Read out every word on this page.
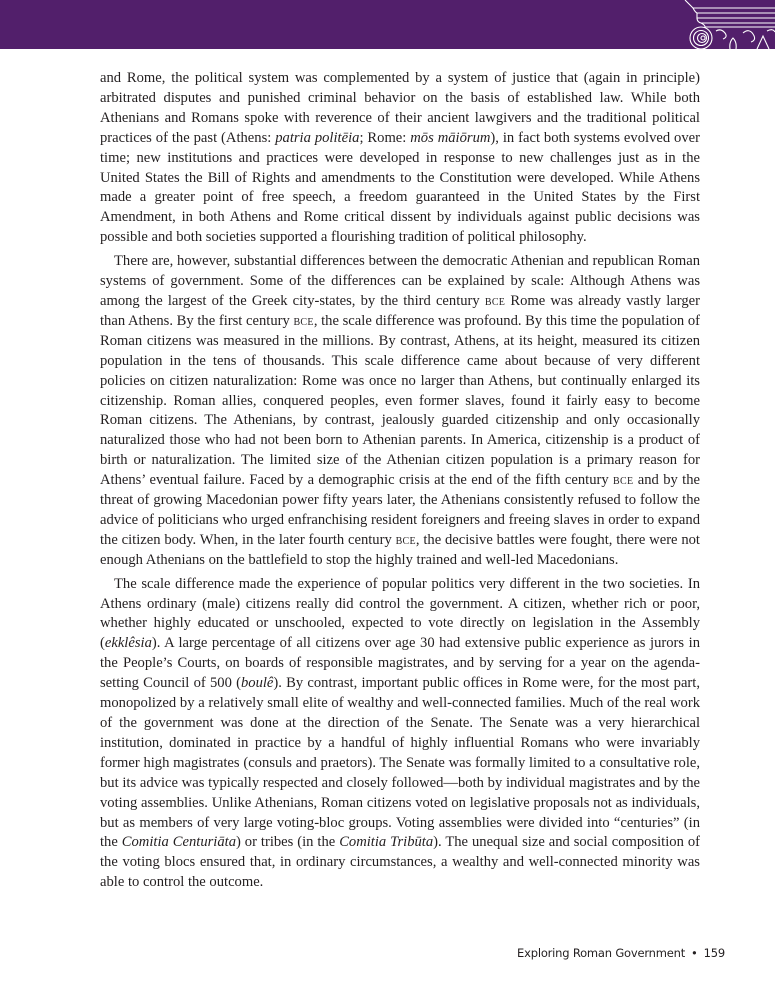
and Rome, the political system was complemented by a system of justice that (again in principle) arbitrated disputes and punished criminal behavior on the basis of established law. While both Athenians and Romans spoke with reverence of their ancient lawgivers and the traditional political practices of the past (Athens: patria politēia; Rome: mōs māiōrum), in fact both systems evolved over time; new institutions and practices were developed in response to new challenges just as in the United States the Bill of Rights and amendments to the Constitution were developed. While Athens made a greater point of free speech, a freedom guaranteed in the United States by the First Amendment, in both Athens and Rome critical dissent by individuals against public decisions was possible and both societies supported a flourishing tradition of political philosophy.

There are, however, substantial differences between the democratic Athenian and republican Roman systems of government. Some of the differences can be explained by scale: Although Athens was among the largest of the Greek city-states, by the third century bce Rome was already vastly larger than Athens. By the first century bce, the scale difference was profound. By this time the population of Roman citizens was measured in the millions. By contrast, Athens, at its height, measured its citizen population in the tens of thousands. This scale difference came about because of very different policies on citizen naturalization: Rome was once no larger than Athens, but continually enlarged its citizenship. Roman allies, conquered peoples, even former slaves, found it fairly easy to become Roman citizens. The Athenians, by contrast, jealously guarded citizenship and only occasionally naturalized those who had not been born to Athenian parents. In America, citizenship is a product of birth or naturalization. The limited size of the Athenian citizen population is a primary reason for Athens’ eventual failure. Faced by a demographic crisis at the end of the fifth century bce and by the threat of growing Macedonian power fifty years later, the Athenians consistently refused to follow the advice of politicians who urged enfranchising resident foreigners and freeing slaves in order to expand the citizen body. When, in the later fourth century bce, the decisive battles were fought, there were not enough Athenians on the battlefield to stop the highly trained and well-led Macedonians.

The scale difference made the experience of popular politics very different in the two societies. In Athens ordinary (male) citizens really did control the government. A citizen, whether rich or poor, whether highly educated or unschooled, expected to vote directly on legislation in the Assembly (ekklêsia). A large percentage of all citizens over age 30 had extensive public experience as jurors in the People’s Courts, on boards of responsible magistrates, and by serving for a year on the agenda-setting Council of 500 (boulê). By contrast, important public offices in Rome were, for the most part, monopolized by a relatively small elite of wealthy and well-connected families. Much of the real work of the government was done at the direction of the Senate. The Senate was a very hierarchical institution, dominated in practice by a handful of highly influential Romans who were invariably former high magistrates (consuls and praetors). The Senate was formally limited to a consultative role, but its advice was typically respected and closely followed—both by individual magistrates and by the voting assemblies. Unlike Athenians, Roman citizens voted on legislative proposals not as individuals, but as members of very large voting-bloc groups. Voting assemblies were divided into “centuries” (in the Comitia Centuriāta) or tribes (in the Comitia Tribūta). The unequal size and social composition of the voting blocs ensured that, in ordinary circumstances, a wealthy and well-connected minority was able to control the outcome.

Exploring Roman Government • 159
